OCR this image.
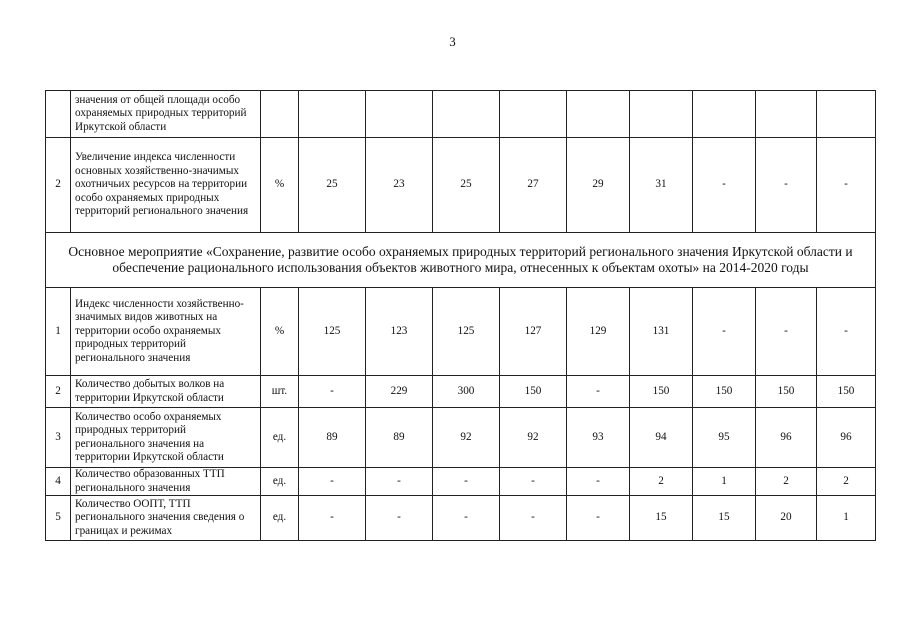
3
	значения от общей площади особо охраняемых природных территорий Иркутской области										
2	Увеличение индекса численности основных хозяйственно-значимых охотничьих ресурсов на территории особо охраняемых природных территорий регионального значения	%	25	23	25	27	29	31	-	-	-
Основное мероприятие «Сохранение, развитие особо охраняемых природных территорий регионального значения Иркутской области и обеспечение рационального использования объектов животного мира, отнесенных к объектам охоты» на 2014-2020 годы											
1	Индекс численности хозяйственно-значимых видов животных на территории особо охраняемых природных территорий регионального значения	%	125	123	125	127	129	131	-	-	-
2	Количество добытых волков на территории Иркутской области	шт.	-	229	300	150	-	150	150	150	150
3	Количество особо охраняемых природных территорий регионального значения на территории Иркутской области	ед.	89	89	92	92	93	94	95	96	96
4	Количество образованных ТТП регионального значения	ед.	-	-	-	-	-	2	1	2	2
5	Количество ООПТ, ТТП регионального значения сведения о границах и режимах	ед.	-	-	-	-	-	15	15	20	1
